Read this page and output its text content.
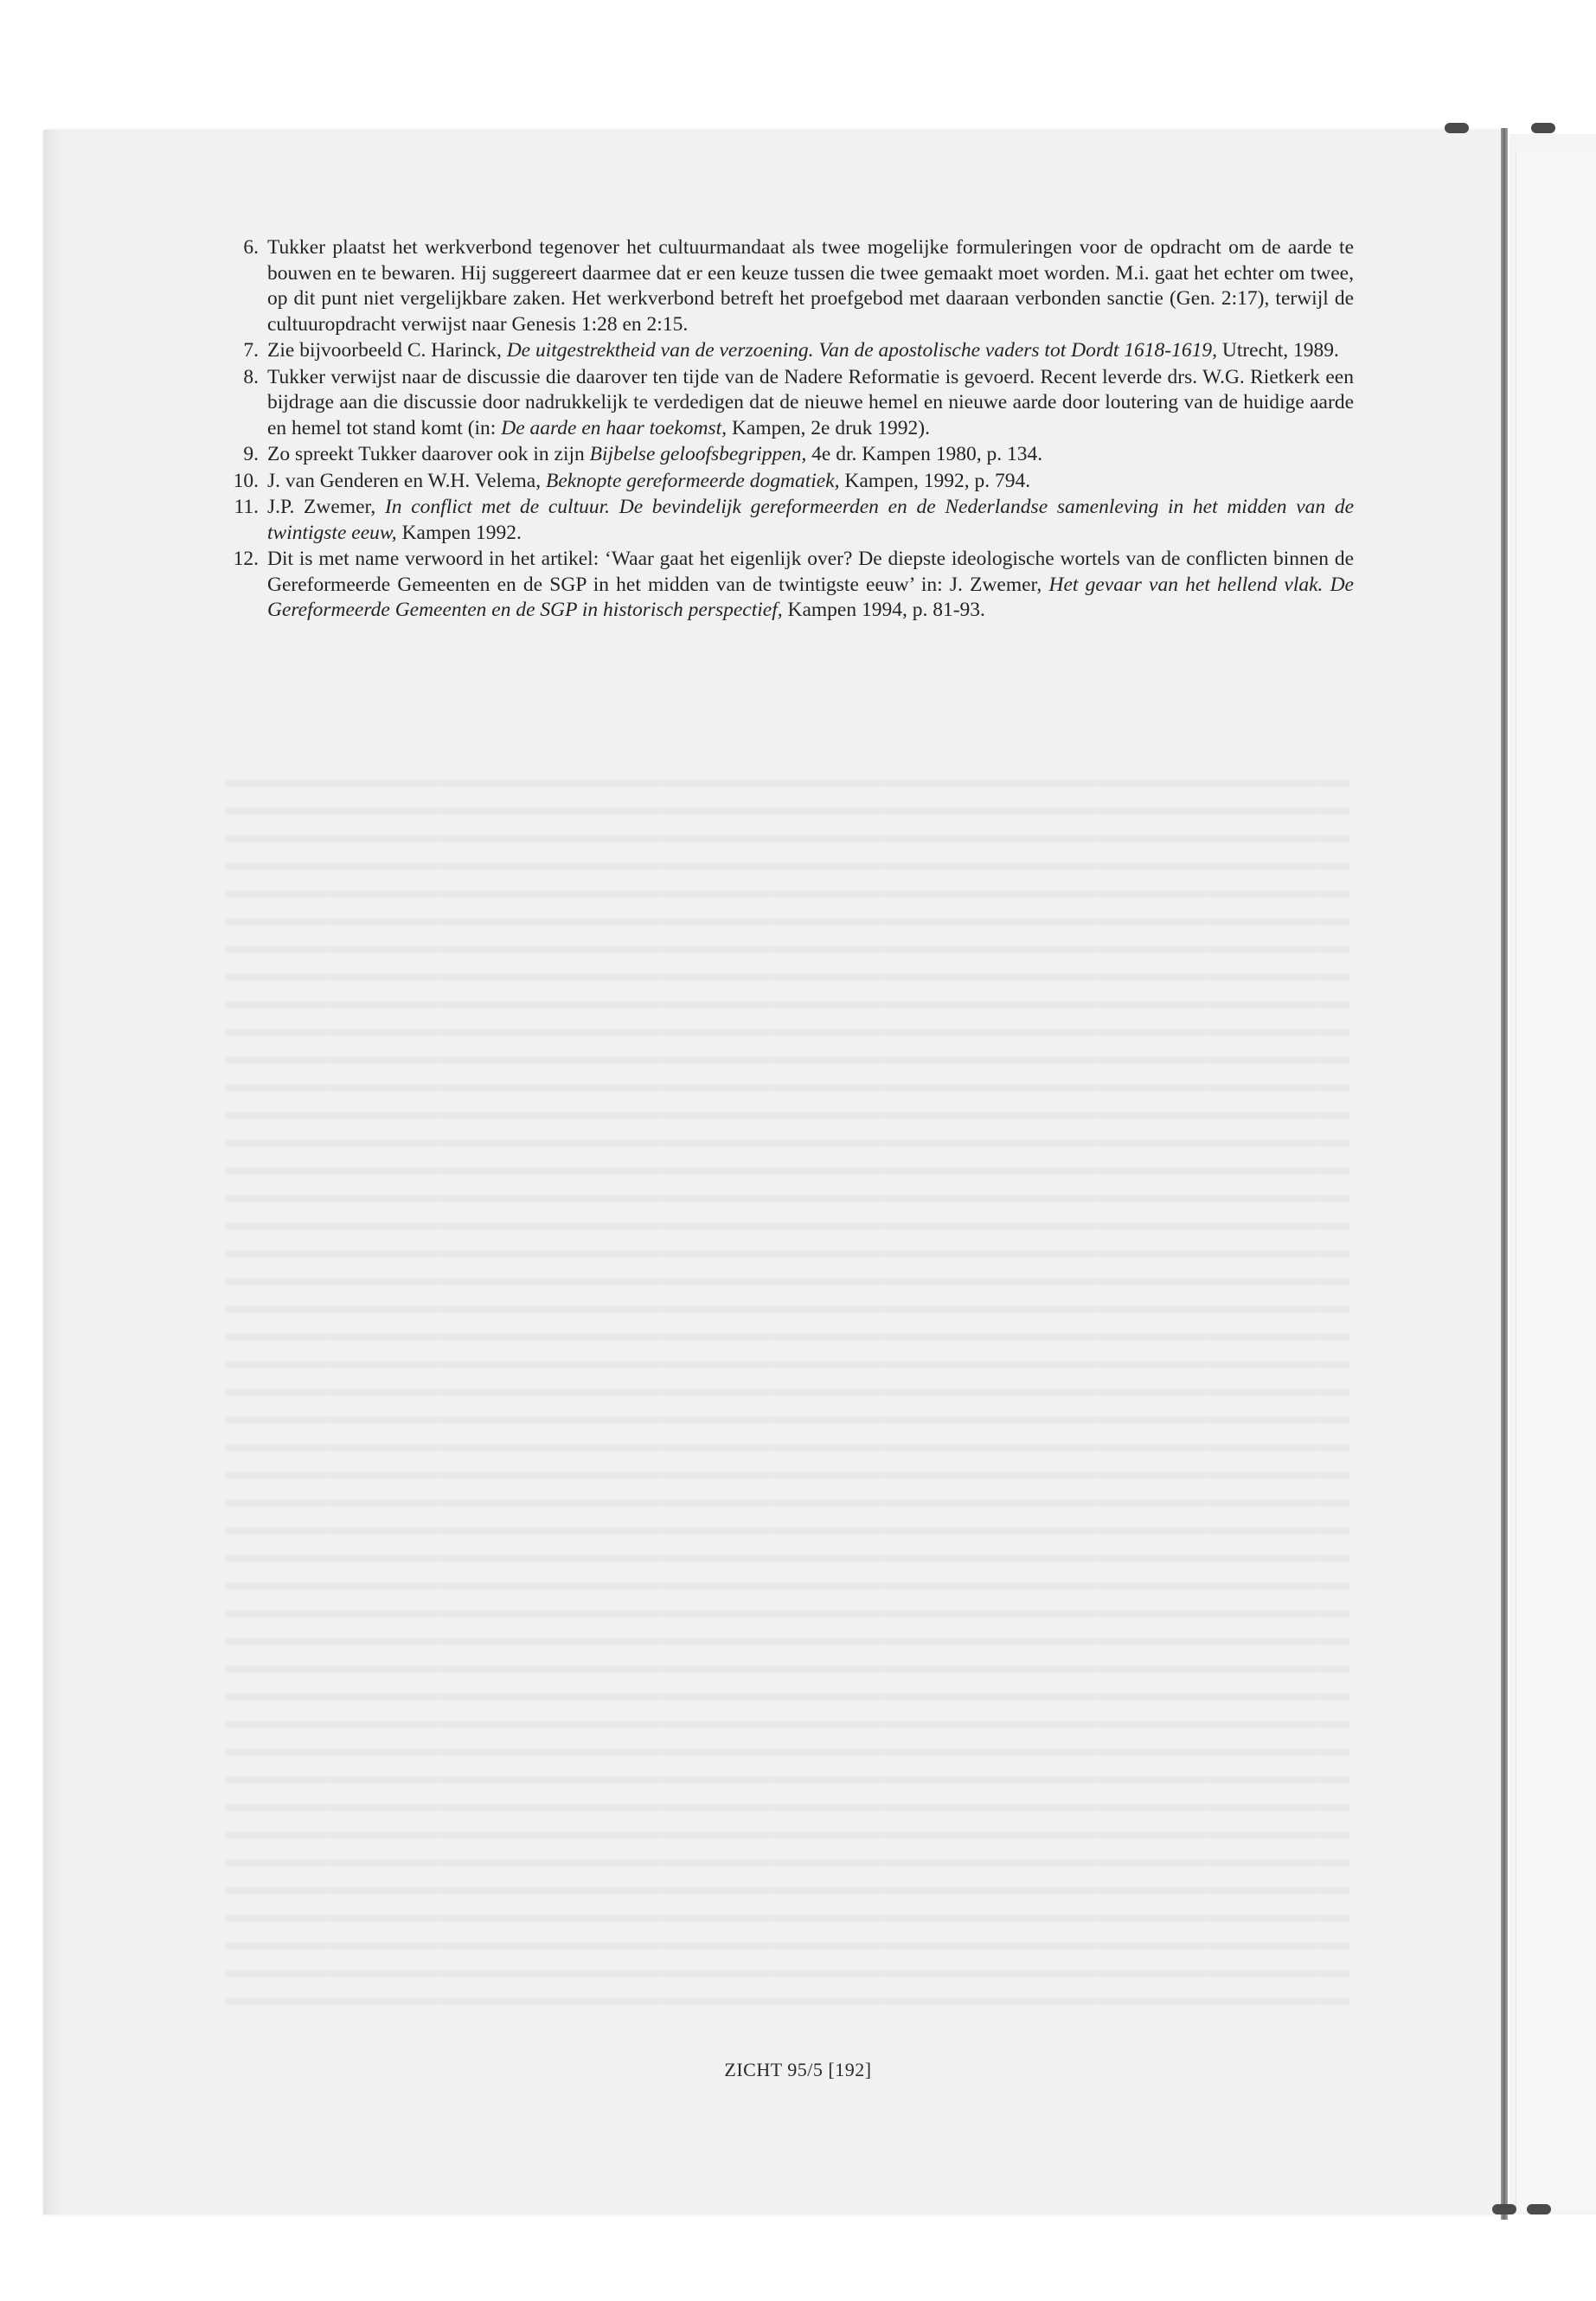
6. Tukker plaatst het werkverbond tegenover het cultuurmandaat als twee mogelijke formuleringen voor de opdracht om de aarde te bouwen en te bewaren. Hij suggereert daarmee dat er een keuze tussen die twee gemaakt moet worden. M.i. gaat het echter om twee, op dit punt niet vergelijkbare zaken. Het werkverbond betreft het proefgebod met daaraan verbonden sanctie (Gen. 2:17), terwijl de cultuuropdracht verwijst naar Genesis 1:28 en 2:15.
7. Zie bijvoorbeeld C. Harinck, De uitgestrektheid van de verzoening. Van de apostolische vaders tot Dordt 1618-1619, Utrecht, 1989.
8. Tukker verwijst naar de discussie die daarover ten tijde van de Nadere Reformatie is gevoerd. Recent leverde drs. W.G. Rietkerk een bijdrage aan die discussie door nadrukkelijk te verdedigen dat de nieuwe hemel en nieuwe aarde door loutering van de huidige aarde en hemel tot stand komt (in: De aarde en haar toekomst, Kampen, 2e druk 1992).
9. Zo spreekt Tukker daarover ook in zijn Bijbelse geloofsbegrippen, 4e dr. Kampen 1980, p. 134.
10. J. van Genderen en W.H. Velema, Beknopte gereformeerde dogmatiek, Kampen, 1992, p. 794.
11. J.P. Zwemer, In conflict met de cultuur. De bevindelijk gereformeerden en de Nederlandse samenleving in het midden van de twintigste eeuw, Kampen 1992.
12. Dit is met name verwoord in het artikel: ‘Waar gaat het eigenlijk over? De diepste ideologische wortels van de conflicten binnen de Gereformeerde Gemeenten en de SGP in het midden van de twintigste eeuw’ in: J. Zwemer, Het gevaar van het hellend vlak. De Gereformeerde Gemeenten en de SGP in historisch perspectief, Kampen 1994, p. 81-93.
ZICHT 95/5 [192]
